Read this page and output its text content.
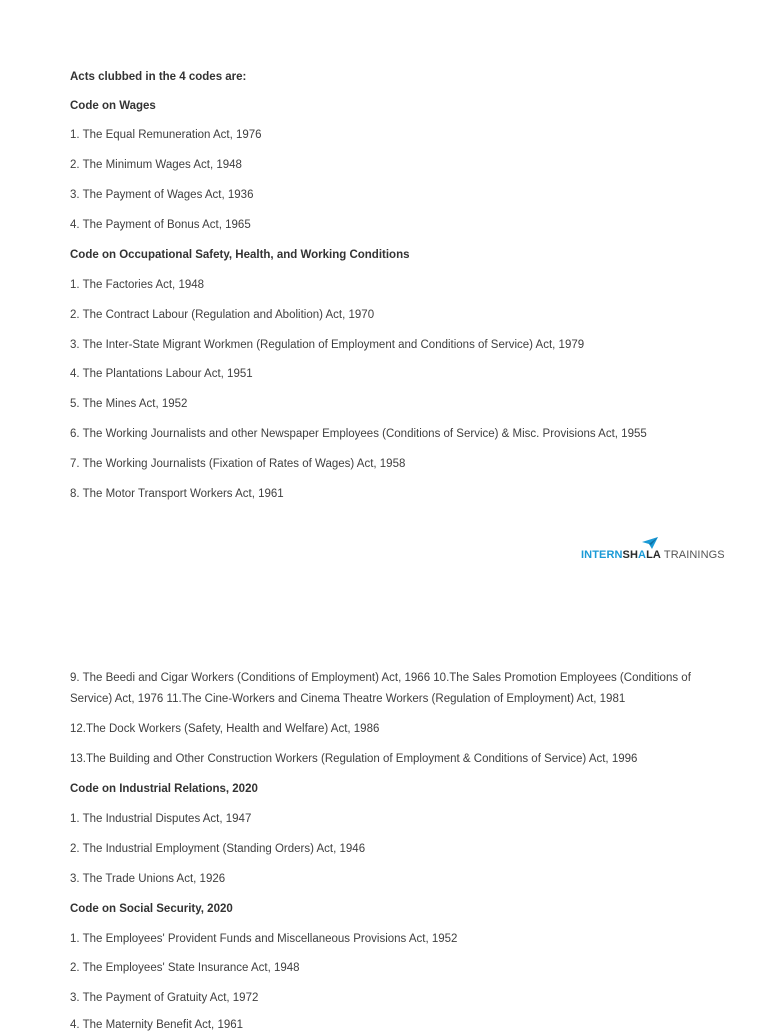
Acts clubbed in the 4 codes are:
Code on Wages
1. The Equal Remuneration Act, 1976
2. The Minimum Wages Act, 1948
3. The Payment of Wages Act, 1936
4. The Payment of Bonus Act, 1965
Code on Occupational Safety, Health, and Working Conditions
1. The Factories Act, 1948
2. The Contract Labour (Regulation and Abolition) Act, 1970
3. The Inter-State Migrant Workmen (Regulation of Employment and Conditions of Service) Act, 1979
4. The Plantations Labour Act, 1951
5. The Mines Act, 1952
6. The Working Journalists and other Newspaper Employees (Conditions of Service) & Misc. Provisions Act, 1955
7. The Working Journalists (Fixation of Rates of Wages) Act, 1958
8. The Motor Transport Workers Act, 1961
INTERNSHALA TRAININGS
9. The Beedi and Cigar Workers (Conditions of Employment) Act, 1966 10.The Sales Promotion Employees (Conditions of Service) Act, 1976 11.The Cine-Workers and Cinema Theatre Workers (Regulation of Employment) Act, 1981
12.The Dock Workers (Safety, Health and Welfare) Act, 1986
13.The Building and Other Construction Workers (Regulation of Employment & Conditions of Service) Act, 1996
Code on Industrial Relations, 2020
1. The Industrial Disputes Act, 1947
2. The Industrial Employment (Standing Orders) Act, 1946
3. The Trade Unions Act, 1926
Code on Social Security, 2020
1. The Employees' Provident Funds and Miscellaneous Provisions Act, 1952
2. The Employees' State Insurance Act, 1948
3. The Payment of Gratuity Act, 1972
4. The Maternity Benefit Act, 1961
